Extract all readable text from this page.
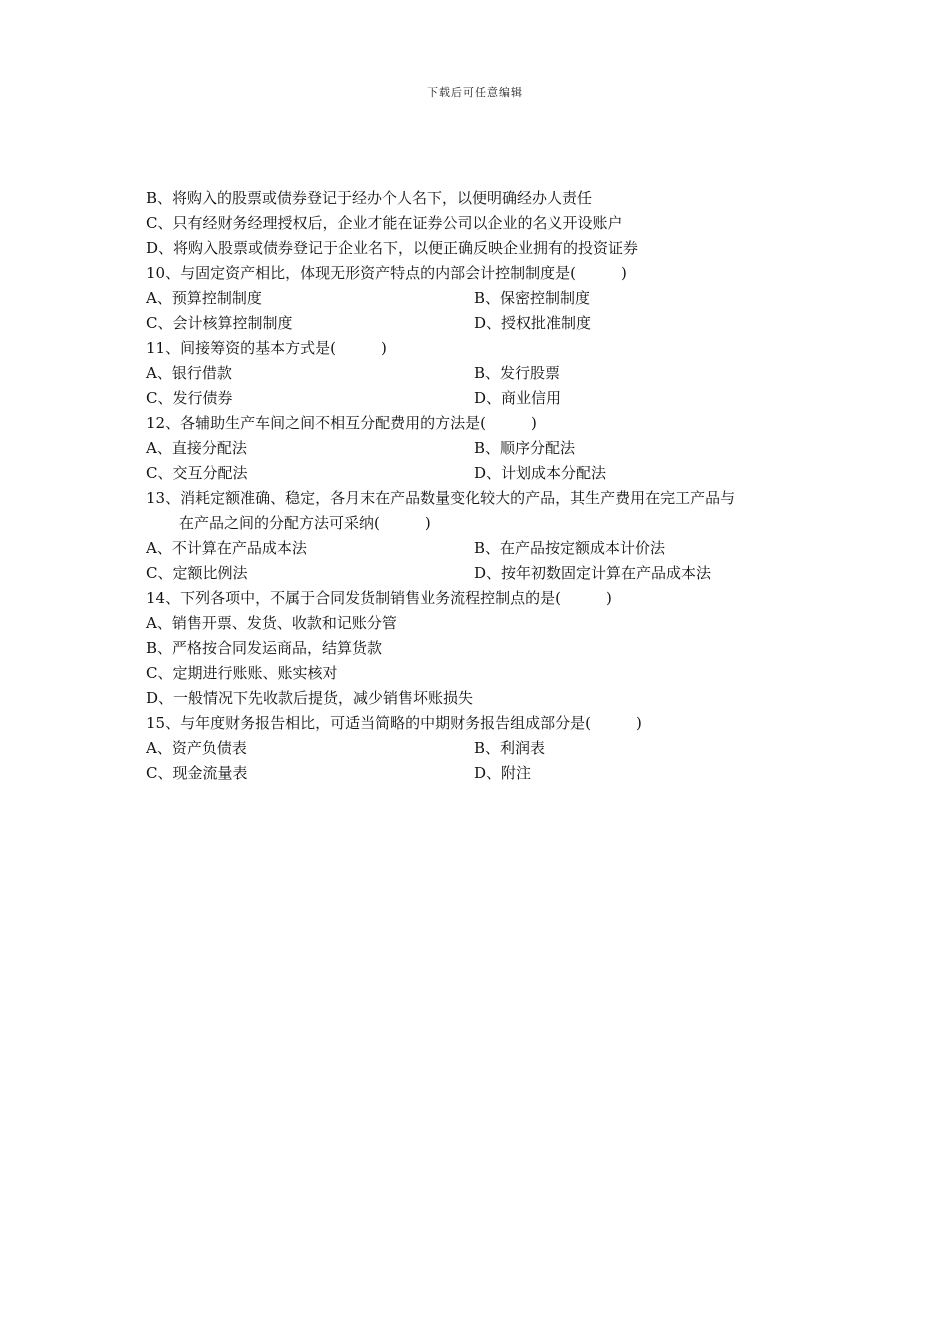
下载后可任意编辑
B、将购入的股票或债券登记于经办个人名下，以便明确经办人责任
C、只有经财务经理授权后，企业才能在证券公司以企业的名义开设账户
D、将购入股票或债券登记于企业名下，以便正确反映企业拥有的投资证券
10、与固定资产相比，体现无形资产特点的内部会计控制制度是(　　　)
A、预算控制制度	B、保密控制制度
C、会计核算控制制度	D、授权批准制度
11、间接筹资的基本方式是(　　　)
A、银行借款	B、发行股票
C、发行债券	D、商业信用
12、各辅助生产车间之间不相互分配费用的方法是(　　　)
A、直接分配法	B、顺序分配法
C、交互分配法	D、计划成本分配法
13、消耗定额准确、稳定，各月末在产品数量变化较大的产品，其生产费用在完工产品与
在产品之间的分配方法可采纳(　　　)
A、不计算在产品成本法	B、在产品按定额成本计价法
C、定额比例法	D、按年初数固定计算在产品成本法
14、下列各项中，不属于合同发货制销售业务流程控制点的是(　　　)
A、销售开票、发货、收款和记账分管
B、严格按合同发运商品，结算货款
C、定期进行账账、账实核对
D、一般情况下先收款后提货，减少销售坏账损失
15、与年度财务报告相比，可适当简略的中期财务报告组成部分是(　　　)
A、资产负债表	B、利润表
C、现金流量表	D、附注
